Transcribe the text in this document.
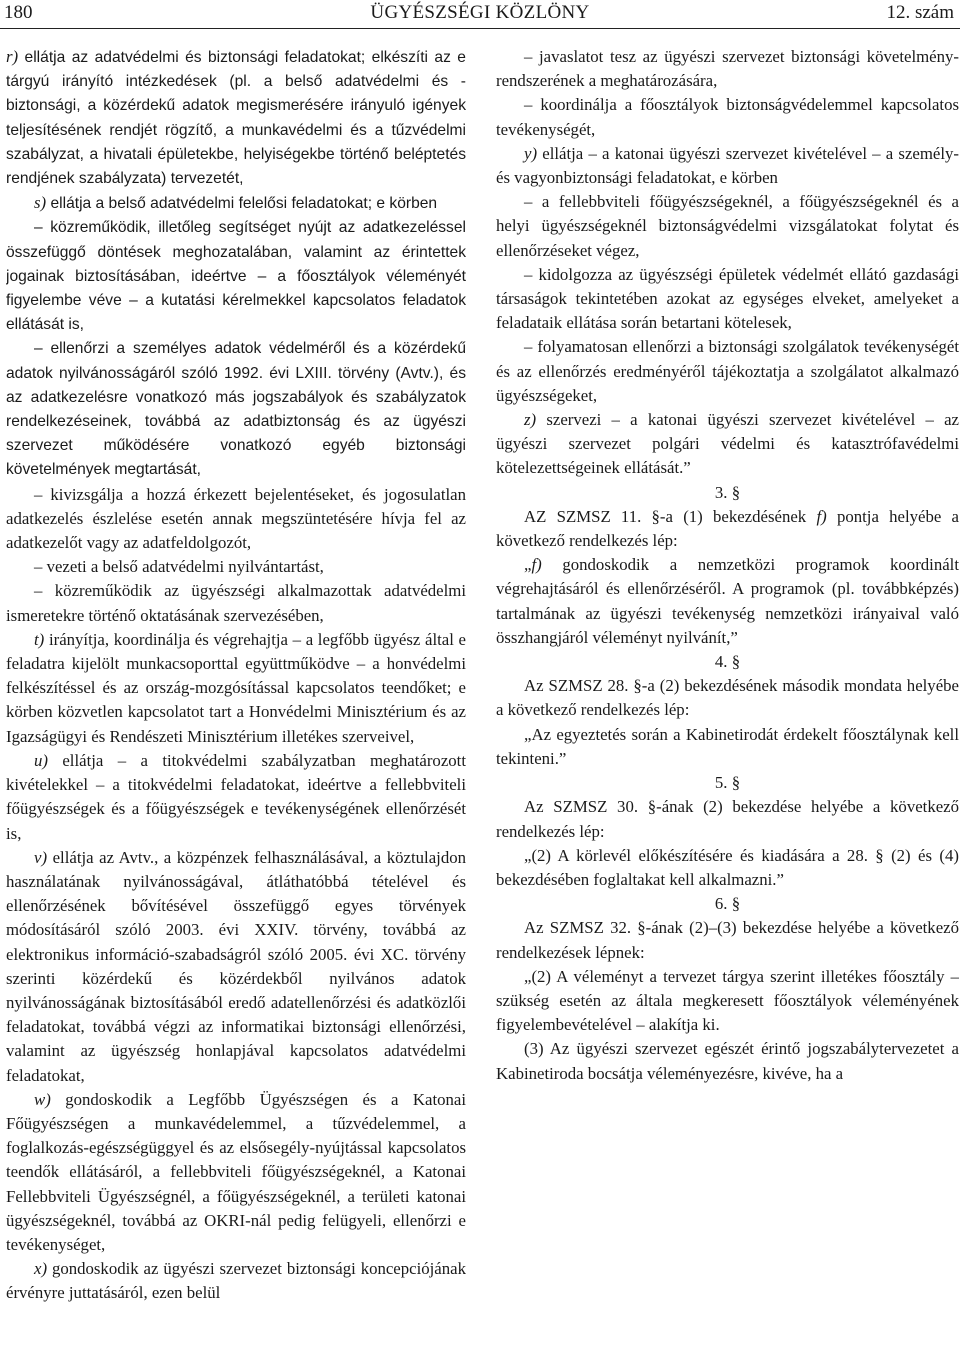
180	ÜGYÉSZSÉGI KÖZLÖNY	12. szám

r) ellátja az adatvédelmi és biztonsági feladatokat; elkészíti az e tárgyú irányító intézkedések (pl. a belső adatvédelmi és -biztonsági, a közérdekű adatok megismerésére irányuló igények teljesítésének rendjét rögzítő, a munkavédelmi és a tűzvédelmi szabályzat, a hivatali épületekbe, helyiségekbe történő beléptetés rendjének szabályzata) tervezetét,

s) ellátja a belső adatvédelmi felelősi feladatokat; e körben

– közreműködik, illetőleg segítséget nyújt az adatkezeléssel összefüggő döntések meghozatalában, valamint az érintettek jogainak biztosításában, ideértve – a főosztályok véleményét figyelembe véve – a kutatási kérelmekkel kapcsolatos feladatok ellátását is,

– ellenőrzi a személyes adatok védelméről és a közérdekű adatok nyilvánosságáról szóló 1992. évi LXIII. törvény (Avtv.), és az adatkezelésre vonatkozó más jogszabályok és szabályzatok rendelkezéseinek, továbbá az adatbiztonság és az ügyészi szervezet működésére vonatkozó egyéb biztonsági követelmények megtartását,

– kivizsgálja a hozzá érkezett bejelentéseket, és jogosulatlan adatkezelés észlelése esetén annak megszüntetésére hívja fel az adatkezelőt vagy az adatfeldolgozót,

– vezeti a belső adatvédelmi nyilvántartást,

– közreműködik az ügyészségi alkalmazottak adatvédelmi ismeretekre történő oktatásának szervezésében,

t) irányítja, koordinálja és végrehajtja – a legfőbb ügyész által e feladatra kijelölt munkacsoporttal együttműködve – a honvédelmi felkészítéssel és az ország-mozgósítással kapcsolatos teendőket; e körben közvetlen kapcsolatot tart a Honvédelmi Minisztérium és az Igazságügyi és Rendészeti Minisztérium illetékes szerveivel,

u) ellátja – a titokvédelmi szabályzatban meghatározott kivételekkel – a titokvédelmi feladatokat, ideértve a fellebbviteli főügyészségek és a főügyészségek e tevékenységének ellenőrzését is,

v) ellátja az Avtv., a közpénzek felhasználásával, a köztulajdon használatának nyilvánosságával, átláthatóbbá tételével és ellenőrzésének bővítésével összefüggő egyes törvények módosításáról szóló 2003. évi XXIV. törvény, továbbá az elektronikus információ-szabadságról szóló 2005. évi XC. törvény szerinti közérdekű és közérdekből nyilvános adatok nyilvánosságának biztosításából eredő adatellenőrzési és adatközlői feladatokat, továbbá végzi az informatikai biztonsági ellenőrzési, valamint az ügyészség honlapjával kapcsolatos adatvédelmi feladatokat,

w) gondoskodik a Legfőbb Ügyészségen és a Katonai Főügyészségen a munkavédelemmel, a tűzvédelemmel, a foglalkozás-egészségüggyel és az elsősegély-nyújtással kapcsolatos teendők ellátásáról, a fellebbviteli főügyészségeknél, a Katonai Fellebbviteli Ügyészségnél, a főügyészségeknél, a területi katonai ügyészségeknél, továbbá az OKRI-nál pedig felügyeli, ellenőrzi e tevékenységet,

x) gondoskodik az ügyészi szervezet biztonsági koncepciójának érvényre juttatásáról, ezen belül

– javaslatot tesz az ügyészi szervezet biztonsági követelmény-rendszerének a meghatározására,

– koordinálja a főosztályok biztonságvédelemmel kapcsolatos tevékenységét,

y) ellátja – a katonai ügyészi szervezet kivételével – a személy- és vagyonbiztonsági feladatokat, e körben

– a fellebbviteli főügyészségeknél, a főügyészségeknél és a helyi ügyészségeknél biztonságvédelmi vizsgálatokat folytat és ellenőrzéseket végez,

– kidolgozza az ügyészségi épületek védelmét ellátó gazdasági társaságok tekintetében azokat az egységes elveket, amelyeket a feladataik ellátása során betartani kötelesek,

– folyamatosan ellenőrzi a biztonsági szolgálatok tevékenységét és az ellenőrzés eredményéről tájékoztatja a szolgálatot alkalmazó ügyészségeket,

z) szervezi – a katonai ügyészi szervezet kivételével – az ügyészi szervezet polgári védelmi és katasztrófavédelmi kötelezettségeinek ellátását.”

3. §

AZ SZMSZ 11. §-a (1) bekezdésének f) pontja helyébe a következő rendelkezés lép:

„f) gondoskodik a nemzetközi programok koordinált végrehajtásáról és ellenőrzéséről. A programok (pl. továbbképzés) tartalmának az ügyészi tevékenység nemzetközi irányaival való összhangjáról véleményt nyilvánít,”

4. §

Az SZMSZ 28. §-a (2) bekezdésének második mondata helyébe a következő rendelkezés lép:

„Az egyeztetés során a Kabinetirodát érdekelt főosztálynak kell tekinteni.”

5. §

Az SZMSZ 30. §-ának (2) bekezdése helyébe a következő rendelkezés lép:

„(2) A körlevél előkészítésére és kiadására a 28. § (2) és (4) bekezdésében foglaltakat kell alkalmazni.”

6. §

Az SZMSZ 32. §-ának (2)–(3) bekezdése helyébe a következő rendelkezések lépnek:

„(2) A véleményt a tervezet tárgya szerint illetékes főosztály – szükség esetén az általa megkeresett főosztályok véleményének figyelembevételével – alakítja ki.

(3) Az ügyészi szervezet egészét érintő jogszabálytervezetet a Kabinetiroda bocsátja véleményezésre, kivéve, ha a
